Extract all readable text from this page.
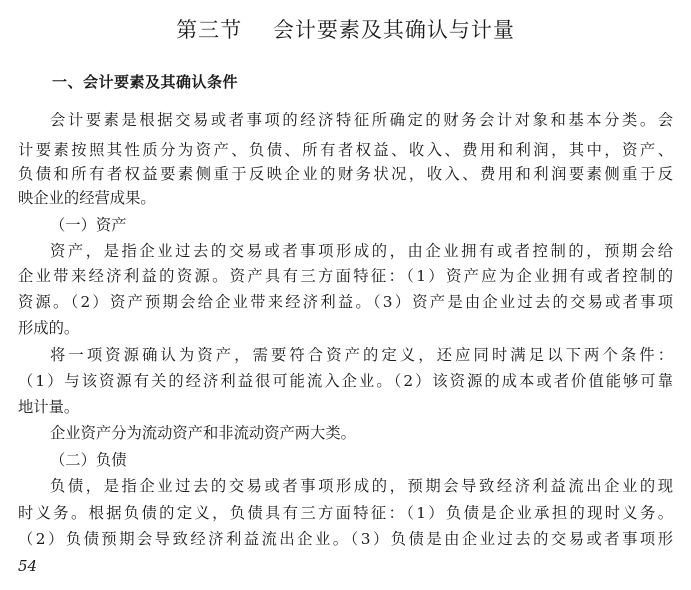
第三节    会计要素及其确认与计量
一、会计要素及其确认条件
会计要素是根据交易或者事项的经济特征所确定的财务会计对象和基本分类。会
计要素按照其性质分为资产、负债、所有者权益、收入、费用和利润，其中，资产、
负债和所有者权益要素侧重于反映企业的财务状况，收入、费用和利润要素侧重于反
映企业的经营成果。
（一）资产
资产，是指企业过去的交易或者事项形成的，由企业拥有或者控制的，预期会给
企业带来经济利益的资源。资产具有三方面特征：（1）资产应为企业拥有或者控制的
资源。（2）资产预期会给企业带来经济利益。（3）资产是由企业过去的交易或者事项
形成的。
将一项资源确认为资产，需要符合资产的定义，还应同时满足以下两个条件：
（1）与该资源有关的经济利益很可能流入企业。（2）该资源的成本或者价值能够可靠
地计量。
企业资产分为流动资产和非流动资产两大类。
（二）负债
负债，是指企业过去的交易或者事项形成的，预期会导致经济利益流出企业的现
时义务。根据负债的定义，负债具有三方面特征：（1）负债是企业承担的现时义务。
（2）负债预期会导致经济利益流出企业。（3）负债是由企业过去的交易或者事项形
54
